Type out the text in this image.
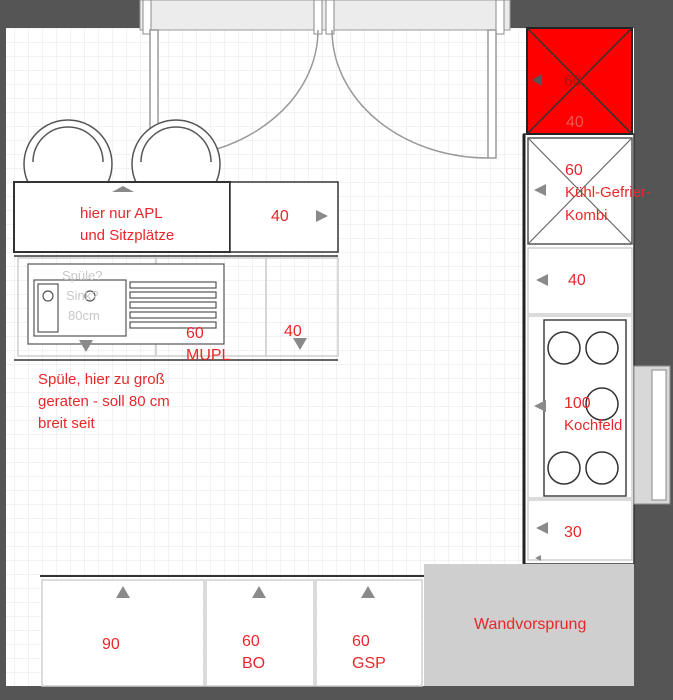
Spüle?
Sink?
80cm
hier nur APL
und Sitzplätze
40
60
MUPL
40
Spüle, hier zu groß
geraten - soll 80 cm
breit seit
60
40
60
Kühl-Gefrier-
Kombi
40
100
Kochfeld
30
90	60
BO
60
GSP
Wandvorsprung
